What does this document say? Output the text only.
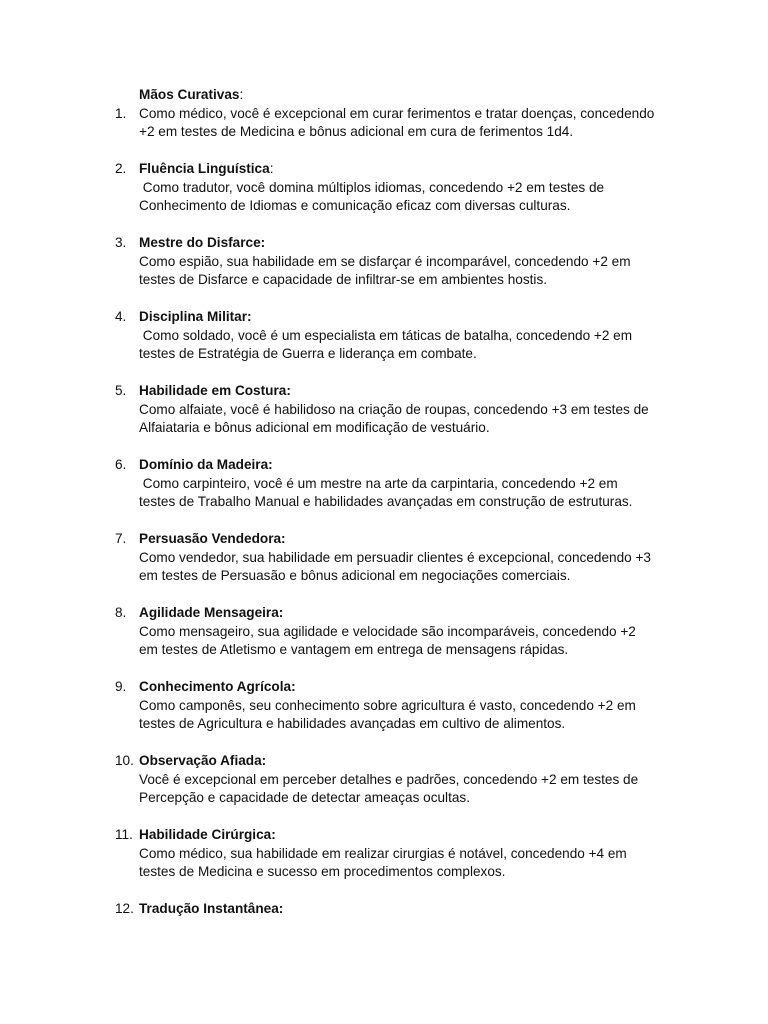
Mãos Curativas:
1. Como médico, você é excepcional em curar ferimentos e tratar doenças, concedendo
+2 em testes de Medicina e bônus adicional em cura de ferimentos 1d4.
2. Fluência Linguística:
Como tradutor, você domina múltiplos idiomas, concedendo +2 em testes de
Conhecimento de Idiomas e comunicação eficaz com diversas culturas.
3. Mestre do Disfarce:
Como espião, sua habilidade em se disfarçar é incomparável, concedendo +2 em
testes de Disfarce e capacidade de infiltrar-se em ambientes hostis.
4. Disciplina Militar:
Como soldado, você é um especialista em táticas de batalha, concedendo +2 em
testes de Estratégia de Guerra e liderança em combate.
5. Habilidade em Costura:
Como alfaiate, você é habilidoso na criação de roupas, concedendo +3 em testes de
Alfaiataria e bônus adicional em modificação de vestuário.
6. Domínio da Madeira:
Como carpinteiro, você é um mestre na arte da carpintaria, concedendo +2 em
testes de Trabalho Manual e habilidades avançadas em construção de estruturas.
7. Persuasão Vendedora:
Como vendedor, sua habilidade em persuadir clientes é excepcional, concedendo +3
em testes de Persuasão e bônus adicional em negociações comerciais.
8. Agilidade Mensageira:
Como mensageiro, sua agilidade e velocidade são incomparáveis, concedendo +2
em testes de Atletismo e vantagem em entrega de mensagens rápidas.
9. Conhecimento Agrícola:
Como camponês, seu conhecimento sobre agricultura é vasto, concedendo +2 em
testes de Agricultura e habilidades avançadas em cultivo de alimentos.
10. Observação Afiada:
Você é excepcional em perceber detalhes e padrões, concedendo +2 em testes de
Percepção e capacidade de detectar ameaças ocultas.
11. Habilidade Cirúrgica:
Como médico, sua habilidade em realizar cirurgias é notável, concedendo +4 em
testes de Medicina e sucesso em procedimentos complexos.
12. Tradução Instantânea:
